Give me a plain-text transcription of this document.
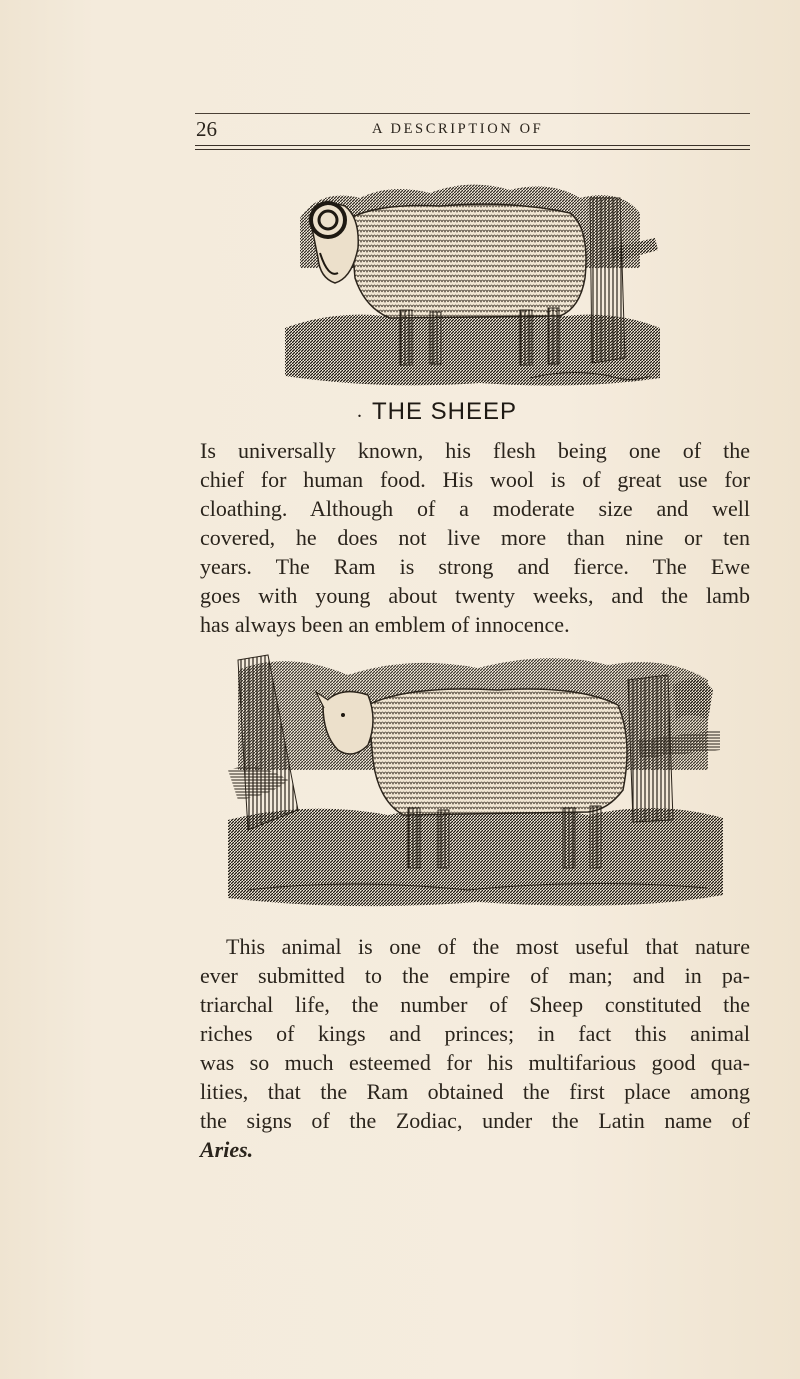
26	A DESCRIPTION OF
. THE SHEEP
Is universally known, his flesh being one of the
chief for human food. His wool is of great use for
cloathing. Although of a moderate size and well
covered, he does not live more than nine or ten
years. The Ram is strong and fierce. The Ewe
goes with young about twenty weeks, and the lamb
has always been an emblem of innocence.
This animal is one of the most useful that nature
ever submitted to the empire of man; and in pa-
triarchal life, the number of Sheep constituted the
riches of kings and princes; in fact this animal
was so much esteemed for his multifarious good qua-
lities, that the Ram obtained the first place among
the signs of the Zodiac, under the Latin name of
Aries.
